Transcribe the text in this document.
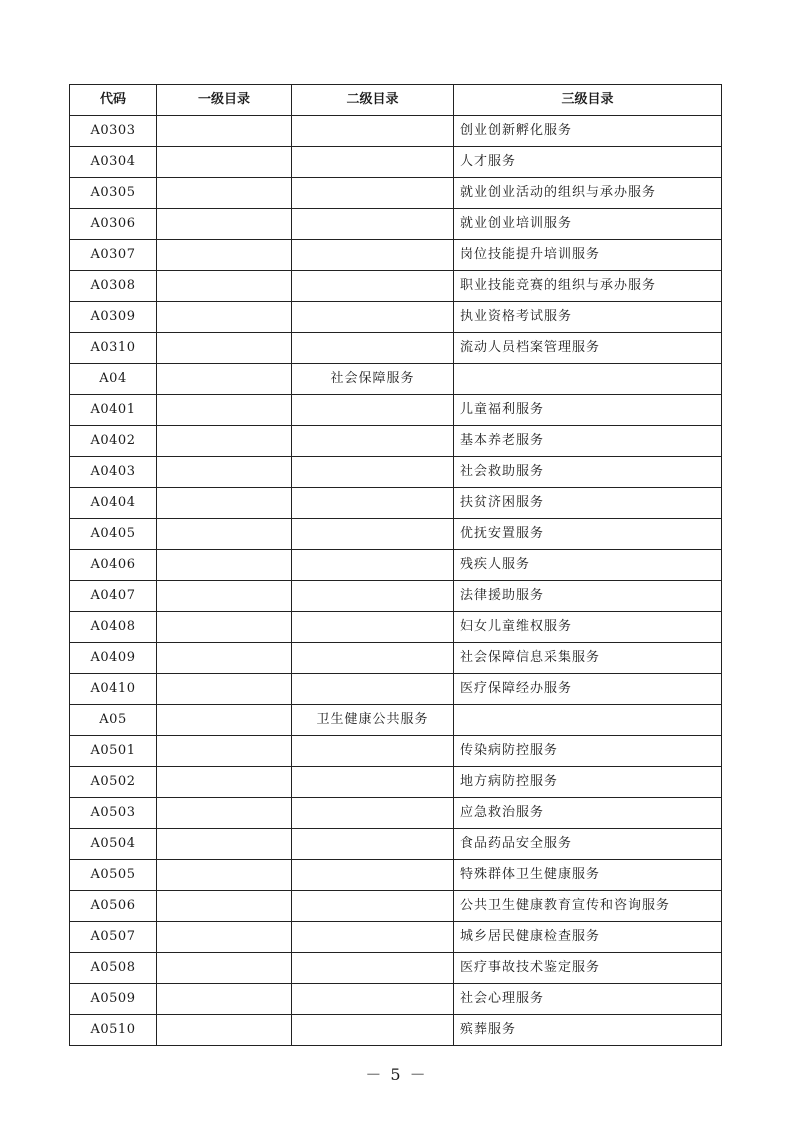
代码	一级目录	二级目录	三级目录
A0303			创业创新孵化服务
A0304			人才服务
A0305			就业创业活动的组织与承办服务
A0306			就业创业培训服务
A0307			岗位技能提升培训服务
A0308			职业技能竞赛的组织与承办服务
A0309			执业资格考试服务
A0310			流动人员档案管理服务
A04		社会保障服务	
A0401			儿童福利服务
A0402			基本养老服务
A0403			社会救助服务
A0404			扶贫济困服务
A0405			优抚安置服务
A0406			残疾人服务
A0407			法律援助服务
A0408			妇女儿童维权服务
A0409			社会保障信息采集服务
A0410			医疗保障经办服务
A05		卫生健康公共服务	
A0501			传染病防控服务
A0502			地方病防控服务
A0503			应急救治服务
A0504			食品药品安全服务
A0505			特殊群体卫生健康服务
A0506			公共卫生健康教育宣传和咨询服务
A0507			城乡居民健康检查服务
A0508			医疗事故技术鉴定服务
A0509			社会心理服务
A0510			殡葬服务
－ 5 －
